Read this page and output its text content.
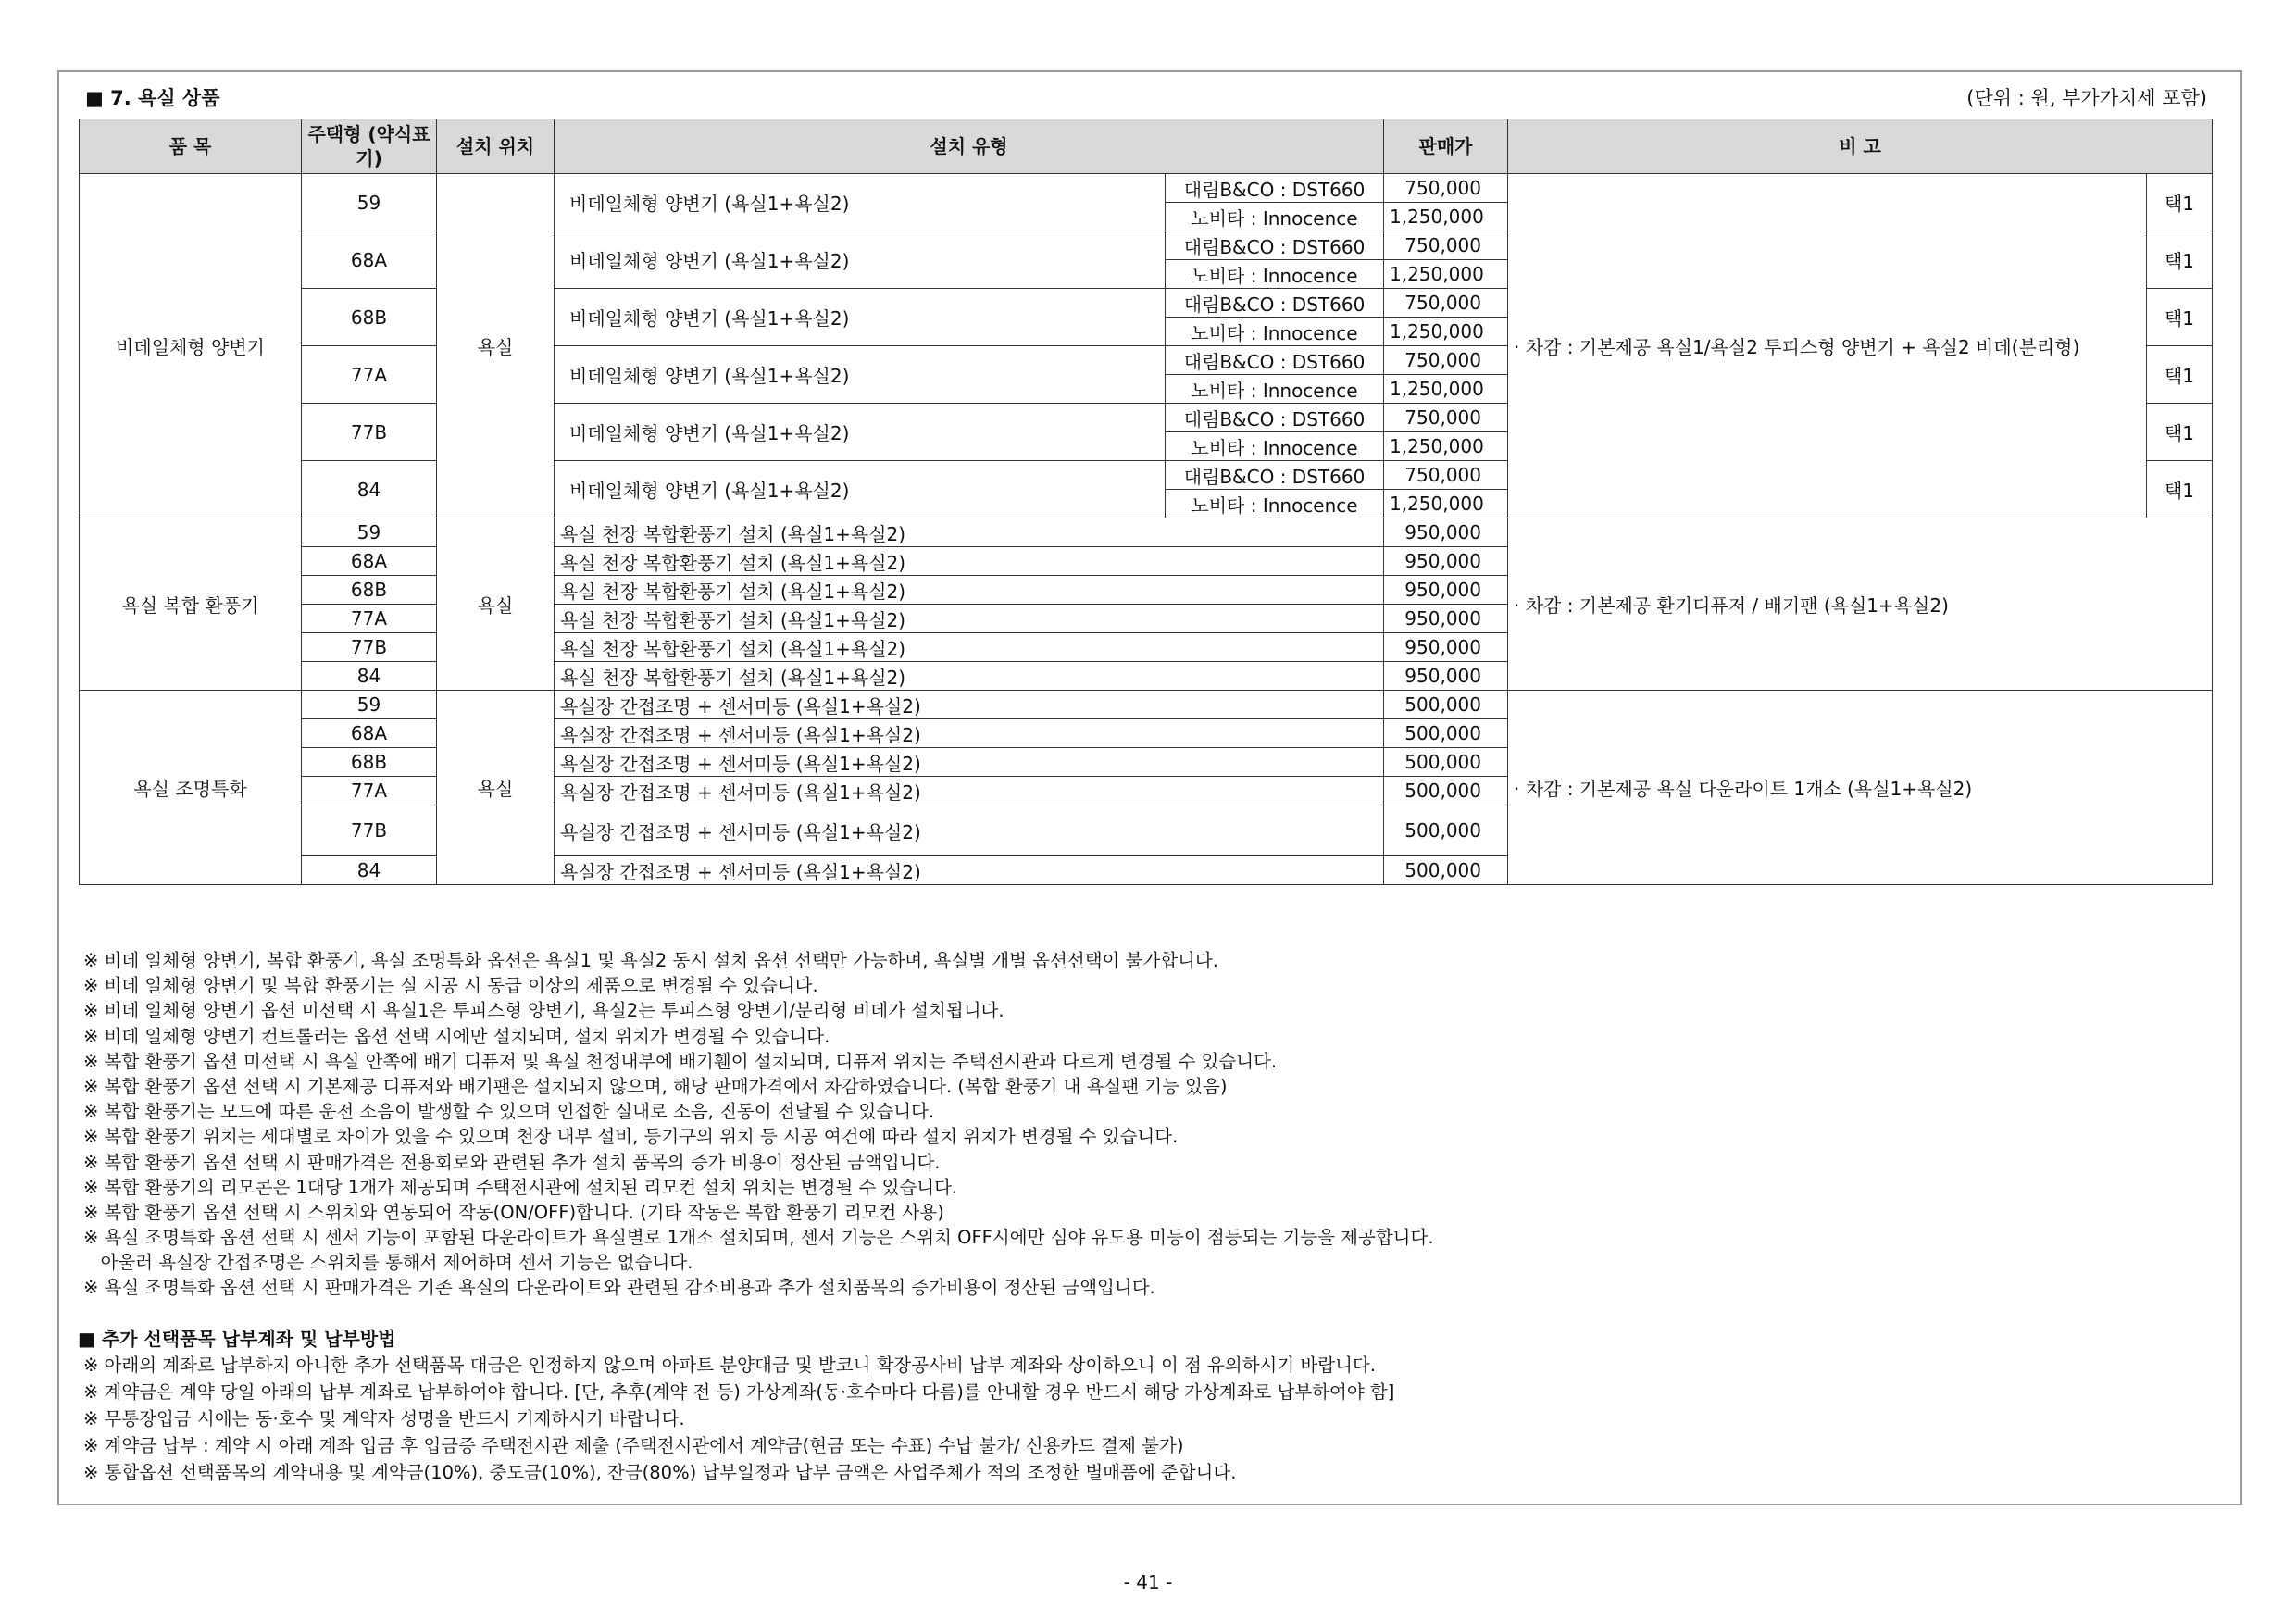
■ 7. 욕실 상품	(단위 : 원, 부가가치세 포함)
품 목	주택형 (약식표기)	설치 위치	설치 유형		판매가	비 고	
비데일체형 양변기	59	욕실	비데일체형 양변기 (욕실1+욕실2)	대림B&CO : DST660	750,000	· 차감 : 기본제공 욕실1/욕실2 투피스형 양변기 + 욕실2 비데(분리형)	택1
				노비타 : Innocence	1,250,000		
	68A		비데일체형 양변기 (욕실1+욕실2)	대림B&CO : DST660	750,000		택1
				노비타 : Innocence	1,250,000		
	68B		비데일체형 양변기 (욕실1+욕실2)	대림B&CO : DST660	750,000		택1
				노비타 : Innocence	1,250,000		
	77A		비데일체형 양변기 (욕실1+욕실2)	대림B&CO : DST660	750,000		택1
				노비타 : Innocence	1,250,000		
	77B		비데일체형 양변기 (욕실1+욕실2)	대림B&CO : DST660	750,000		택1
				노비타 : Innocence	1,250,000		
	84		비데일체형 양변기 (욕실1+욕실2)	대림B&CO : DST660	750,000		택1
				노비타 : Innocence	1,250,000		
욕실 복합 환풍기	59	욕실	욕실 천장 복합환풍기 설치 (욕실1+욕실2)		950,000	· 차감 : 기본제공 환기디퓨저 / 배기팬 (욕실1+욕실2)	
	68A		욕실 천장 복합환풍기 설치 (욕실1+욕실2)		950,000		
	68B		욕실 천장 복합환풍기 설치 (욕실1+욕실2)		950,000		
	77A		욕실 천장 복합환풍기 설치 (욕실1+욕실2)		950,000		
	77B		욕실 천장 복합환풍기 설치 (욕실1+욕실2)		950,000		
	84		욕실 천장 복합환풍기 설치 (욕실1+욕실2)		950,000		
욕실 조명특화	59	욕실	욕실장 간접조명 + 센서미등 (욕실1+욕실2)		500,000	· 차감 : 기본제공 욕실 다운라이트 1개소 (욕실1+욕실2)	
	68A		욕실장 간접조명 + 센서미등 (욕실1+욕실2)		500,000		
	68B		욕실장 간접조명 + 센서미등 (욕실1+욕실2)		500,000		
	77A		욕실장 간접조명 + 센서미등 (욕실1+욕실2)		500,000		
	77B		욕실장 간접조명 + 센서미등 (욕실1+욕실2)		500,000		
	84		욕실장 간접조명 + 센서미등 (욕실1+욕실2)		500,000		
※ 비데 일체형 양변기, 복합 환풍기, 욕실 조명특화 옵션은 욕실1 및 욕실2 동시 설치 옵션 선택만 가능하며, 욕실별 개별 옵션선택이 불가합니다.
※ 비데 일체형 양변기 및 복합 환풍기는 실 시공 시 동급 이상의 제품으로 변경될 수 있습니다.
※ 비데 일체형 양변기 옵션 미선택 시 욕실1은 투피스형 양변기, 욕실2는 투피스형 양변기/분리형 비데가 설치됩니다.
※ 비데 일체형 양변기 컨트롤러는 옵션 선택 시에만 설치되며, 설치 위치가 변경될 수 있습니다.
※ 복합 환풍기 옵션 미선택 시 욕실 안쪽에 배기 디퓨저 및 욕실 천정내부에 배기휀이 설치되며, 디퓨저 위치는 주택전시관과 다르게 변경될 수 있습니다.
※ 복합 환풍기 옵션 선택 시 기본제공 디퓨저와 배기팬은 설치되지 않으며, 해당 판매가격에서 차감하였습니다. (복합 환풍기 내 욕실팬 기능 있음)
※ 복합 환풍기는 모드에 따른 운전 소음이 발생할 수 있으며 인접한 실내로 소음, 진동이 전달될 수 있습니다.
※ 복합 환풍기 위치는 세대별로 차이가 있을 수 있으며 천장 내부 설비, 등기구의 위치 등 시공 여건에 따라 설치 위치가 변경될 수 있습니다.
※ 복합 환풍기 옵션 선택 시 판매가격은 전용회로와 관련된 추가 설치 품목의 증가 비용이 정산된 금액입니다.
※ 복합 환풍기의 리모콘은 1대당 1개가 제공되며 주택전시관에 설치된 리모컨 설치 위치는 변경될 수 있습니다.
※ 복합 환풍기 옵션 선택 시 스위치와 연동되어 작동(ON/OFF)합니다. (기타 작동은 복합 환풍기 리모컨 사용)
※ 욕실 조명특화 옵션 선택 시 센서 기능이 포함된 다운라이트가 욕실별로 1개소 설치되며, 센서 기능은 스위치 OFF시에만 심야 유도용 미등이 점등되는 기능을 제공합니다.
아울러 욕실장 간접조명은 스위치를 통해서 제어하며 센서 기능은 없습니다.
※ 욕실 조명특화 옵션 선택 시 판매가격은 기존 욕실의 다운라이트와 관련된 감소비용과 추가 설치품목의 증가비용이 정산된 금액입니다.
■ 추가 선택품목 납부계좌 및 납부방법
※ 아래의 계좌로 납부하지 아니한 추가 선택품목 대금은 인정하지 않으며 아파트 분양대금 및 발코니 확장공사비 납부 계좌와 상이하오니 이 점 유의하시기 바랍니다.
※ 계약금은 계약 당일 아래의 납부 계좌로 납부하여야 합니다. [단, 추후(계약 전 등) 가상계좌(동·호수마다 다름)를 안내할 경우 반드시 해당 가상계좌로 납부하여야 함]
※ 무통장입금 시에는 동·호수 및 계약자 성명을 반드시 기재하시기 바랍니다.
※ 계약금 납부 : 계약 시 아래 계좌 입금 후 입금증 주택전시관 제출 (주택전시관에서 계약금(현금 또는 수표) 수납 불가/ 신용카드 결제 불가)
※ 통합옵션 선택품목의 계약내용 및 계약금(10%), 중도금(10%), 잔금(80%) 납부일정과 납부 금액은 사업주체가 적의 조정한 별매품에 준합니다.
- 41 -
